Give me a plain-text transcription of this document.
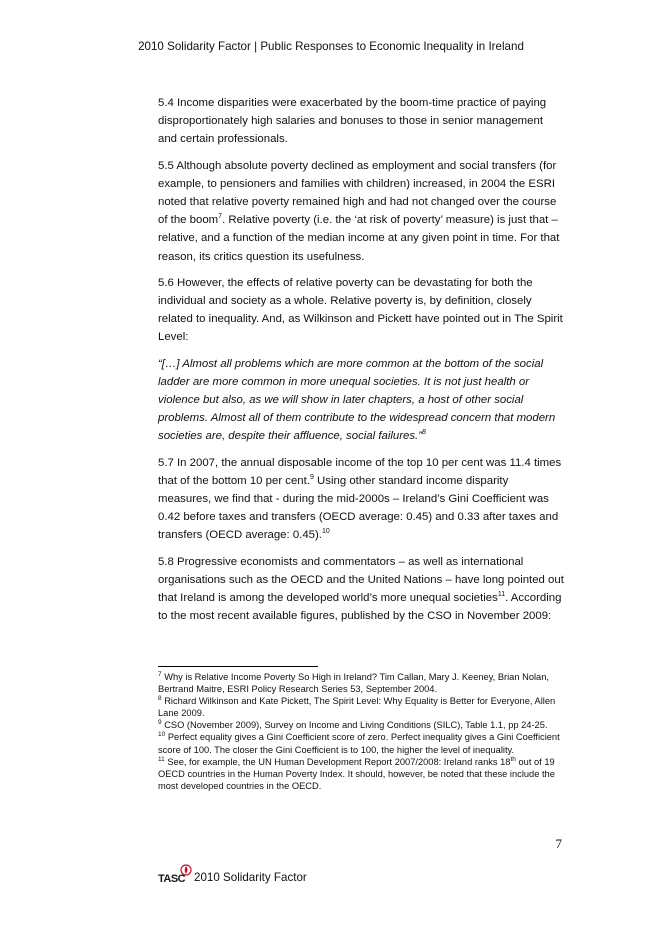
2010 Solidarity Factor | Public Responses to Economic Inequality in Ireland

5.4 Income disparities were exacerbated by the boom-time practice of paying disproportionately high salaries and bonuses to those in senior management and certain professionals.

5.5 Although absolute poverty declined as employment and social transfers (for example, to pensioners and families with children) increased, in 2004 the ESRI noted that relative poverty remained high and had not changed over the course of the boom$^7$. Relative poverty (i.e. the ‘at risk of poverty’ measure) is just that – relative, and a function of the median income at any given point in time. For that reason, its critics question its usefulness.

5.6 However, the effects of relative poverty can be devastating for both the individual and society as a whole. Relative poverty is, by definition, closely related to inequality. And, as Wilkinson and Pickett have pointed out in The Spirit Level:

“[…] Almost all problems which are more common at the bottom of the social ladder are more common in more unequal societies. It is not just health or violence but also, as we will show in later chapters, a host of other social problems. Almost all of them contribute to the widespread concern that modern societies are, despite their affluence, social failures.”$^8$

5.7 In 2007, the annual disposable income of the top 10 per cent was 11.4 times that of the bottom 10 per cent.$^9$ Using other standard income disparity measures, we find that - during the mid-2000s – Ireland’s Gini Coefficient was 0.42 before taxes and transfers (OECD average: 0.45) and 0.33 after taxes and transfers (OECD average: 0.45).$^{10}$

5.8 Progressive economists and commentators – as well as international organisations such as the OECD and the United Nations – have long pointed out that Ireland is among the developed world’s more unequal societies$^{11}$. According to the most recent available figures, published by the CSO in November 2009:

$^7$ Why is Relative Income Poverty So High in Ireland? Tim Callan, Mary J. Keeney, Brian Nolan, Bertrand Maitre, ESRI Policy Research Series 53, September 2004.

$^8$ Richard Wilkinson and Kate Pickett, The Spirit Level: Why Equality is Better for Everyone, Allen Lane 2009.

$^9$ CSO (November 2009), Survey on Income and Living Conditions (SILC), Table 1.1, pp 24-25.

$^{10}$ Perfect equality gives a Gini Coefficient score of zero. Perfect inequality gives a Gini Coefficient score of 100. The closer the Gini Coefficient is to 100, the higher the level of inequality.

$^{11}$ See, for example, the UN Human Development Report 2007/2008: Ireland ranks 18th out of 19 OECD countries in the Human Poverty Index. It should, however, be noted that these include the most developed countries in the OECD.

7
TASC 2010 Solidarity Factor
